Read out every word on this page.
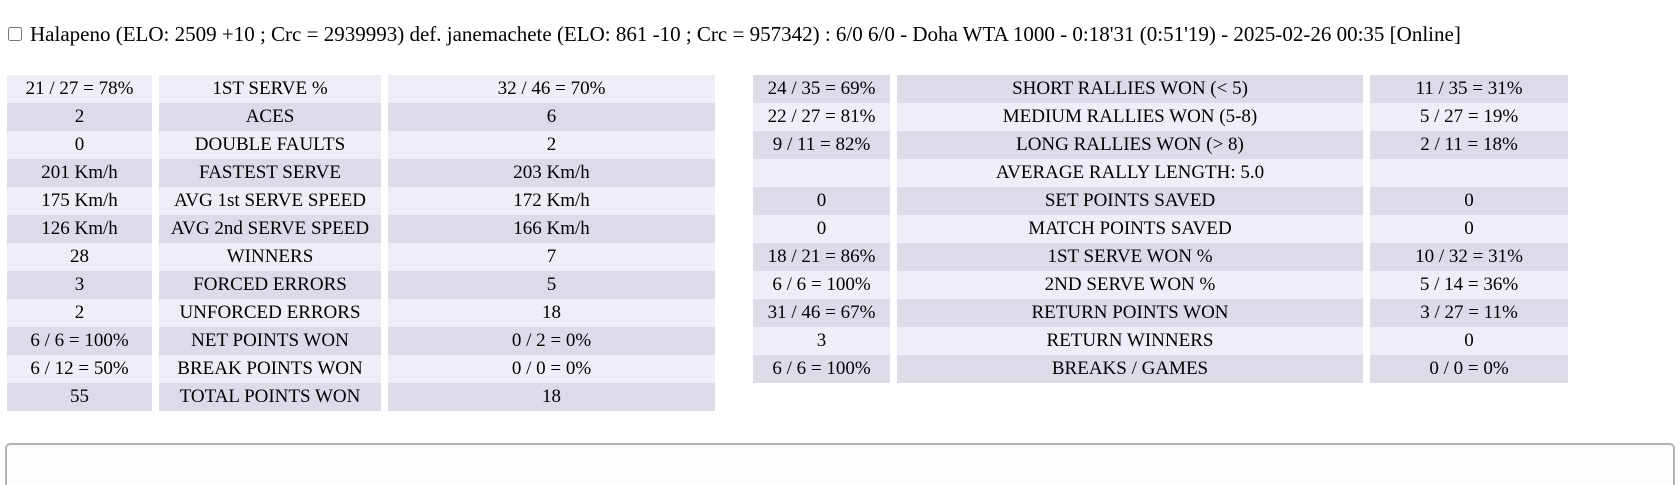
Halapeno (ELO: 2509 +10 ; Crc = 2939993) def. janemachete (ELO: 861 -10 ; Crc = 957342) : 6/0 6/0 - Doha WTA 1000 - 0:18'31 (0:51'19) - 2025-02-26 00:35 [Online]
21 / 27 = 78%	1ST SERVE %	32 / 46 = 70%
2	ACES	6
0	DOUBLE FAULTS	2
201 Km/h	FASTEST SERVE	203 Km/h
175 Km/h	AVG 1st SERVE SPEED	172 Km/h
126 Km/h	AVG 2nd SERVE SPEED	166 Km/h
28	WINNERS	7
3	FORCED ERRORS	5
2	UNFORCED ERRORS	18
6 / 6 = 100%	NET POINTS WON	0 / 2 = 0%
6 / 12 = 50%	BREAK POINTS WON	0 / 0 = 0%
55	TOTAL POINTS WON	18
24 / 35 = 69%	SHORT RALLIES WON (< 5)	11 / 35 = 31%
22 / 27 = 81%	MEDIUM RALLIES WON (5-8)	5 / 27 = 19%
9 / 11 = 82%	LONG RALLIES WON (> 8)	2 / 11 = 18%
	AVERAGE RALLY LENGTH: 5.0	
0	SET POINTS SAVED	0
0	MATCH POINTS SAVED	0
18 / 21 = 86%	1ST SERVE WON %	10 / 32 = 31%
6 / 6 = 100%	2ND SERVE WON %	5 / 14 = 36%
31 / 46 = 67%	RETURN POINTS WON	3 / 27 = 11%
3	RETURN WINNERS	0
6 / 6 = 100%	BREAKS / GAMES	0 / 0 = 0%
